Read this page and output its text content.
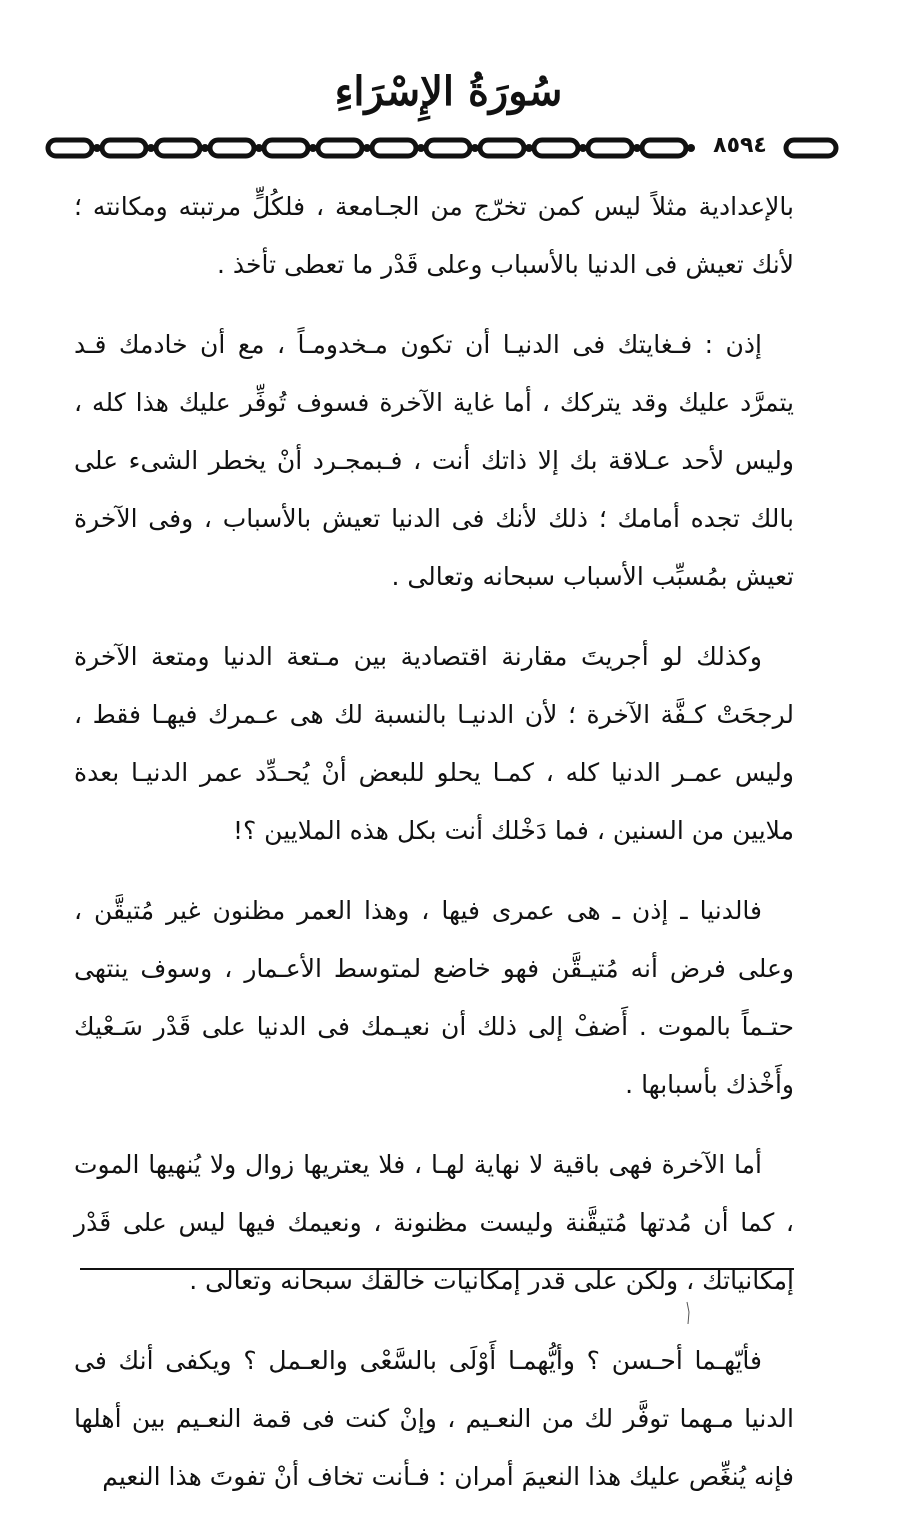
سُورَةُ الإِسْرَاءِ
٨٥٩٤

بالإعدادية مثلاً ليس كمن تخرّج من الجـامعة ، فلكُلٍّ مرتبته ومكانته ؛ لأنك تعيش فى الدنيا بالأسباب وعلى قَدْر ما تعطى تأخذ .

إذن : فـغايتك فى الدنيـا أن تكون مـخدومـاً ، مع أن خادمك قـد يتمرَّد عليك وقد يتركك ، أما غاية الآخرة فسوف تُوفِّر عليك هذا كله ، وليس لأحد عـلاقة بك إلا ذاتك أنت ، فـبمجـرد أنْ يخطر الشىء على بالك تجده أمامك ؛ ذلك لأنك فى الدنيا تعيش بالأسباب ، وفى الآخرة تعيش بمُسبِّب الأسباب سبحانه وتعالى .

وكذلك لو أجريتَ مقارنة اقتصادية بين مـتعة الدنيا ومتعة الآخرة لرجحَتْ كـفَّة الآخرة ؛ لأن الدنيـا بالنسبة لك هى عـمرك فيهـا فقط ، وليس عمـر الدنيا كله ، كمـا يحلو للبعض أنْ يُحـدِّد عمر الدنيـا بعدة ملايين من السنين ، فما دَخْلك أنت بكل هذه الملايين ؟!

فالدنيا ـ إذن ـ هى عمرى فيها ، وهذا العمر مظنون غير مُتيقَّن ، وعلى فرض أنه مُتيـقَّن فهو خاضع لمتوسط الأعـمار ، وسوف ينتهى حتـماً بالموت . أَضفْ إلى ذلك أن نعيـمك فى الدنيا على قَدْر سَـعْيك وأَخْذك بأسبابها .

أما الآخرة فهى باقية لا نهاية لهـا ، فلا يعتريها زوال ولا يُنهيها الموت ، كما أن مُدتها مُتيقَّنة وليست مظنونة ، ونعيمك فيها ليس على قَدْر إمكانياتك ، ولكن على قدر إمكانيات خالقك سبحانه وتعالى .

فأيّهـما أحـسن ؟ وأيُّهمـا أَوْلَى بالسَّعْى والعـمل ؟ ويكفى أنك فى الدنيا مـهما توفَّر لك من النعـيم ، وإنْ كنت فى قمة النعـيم بين أهلها فإنه يُنغِّص عليك هذا النعيمَ أمران : فـأنت تخاف أنْ تفوتَ هذا النعيم
